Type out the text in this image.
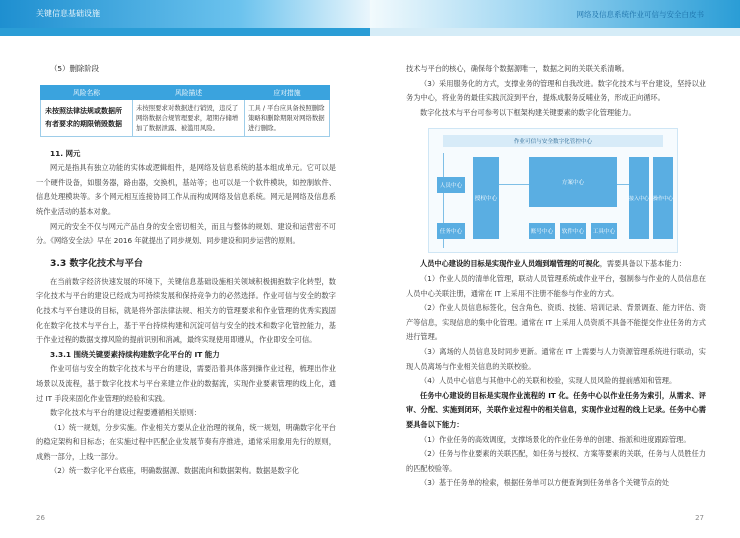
关键信息基础设施	网络及信息系统作业可信与安全白皮书
（5）删除阶段
风险名称	风险描述	应对措施
未按照法律法规或数据所有者要求的期限销毁数据	未按照要求对数据进行销毁，违反了网络数据合规管理要求，超期存储增加了数据泄露、被滥用风险。	工具 / 平台应具备按照删除策略和删除期限对网络数据进行删除。
11. 网元

网元是指具有独立功能的实体或逻辑组件，是网络及信息系统的基本组成单元。它可以是一个硬件设备，如服务器，路由器，交换机，基站等；也可以是一个软件模块，如控制软件、信息处理模块等。多个网元相互连接协同工作从而构成网络及信息系统。网元是网络及信息系统作业活动的基本对象。

网元的安全不仅与网元产品自身的安全密切相关，而且与整体的规划、建设和运营密不可分。《网络安全法》早在 2016 年就提出了同步规划、同步建设和同步运营的原则。

3.3 数字化技术与平台

在当前数字经济快速发展的环境下，关键信息基础设施相关领域积极拥抱数字化转型，数字化技术与平台的建设已经成为可持续发展和保持竞争力的必然选择。作业可信与安全的数字化技术与平台建设的目标，就是将外部法律法规、相关方的管理要求和作业管理的优秀实践固化在数字化技术与平台上，基于平台持续构建和沉淀可信与安全的技术和数字化管控能力，基于作业过程的数据支撑风险的提前识别和消减，最终实现使用即遵从，作业即安全可信。

3.3.1 围绕关键要素持续构建数字化平台的 IT 能力

作业可信与安全的数字化技术与平台的建设，需要沿着具体落到操作业过程，梳理出作业场景以及流程，基于数字化技术与平台来建立作业的数据流，实现作业要素管理的线上化，通过 IT 手段来固化作业管理的经验和实践。

数字化技术与平台的建设过程要遵循相关原则：

（1）统一规划，分步实施。作业相关方要从企业治理的视角，统一规划，明确数字化平台的稳定架构和目标态；在实施过程中匹配企业发展节奏有序推进，通常采用象用先行的原则，成熟一部分，上线一部分。

（2）统一数字化平台底座，明确数据源、数据流向和数据架构。数据是数字化

技术与平台的核心，确保每个数据源唯一，数据之间的关联关系清晰。

（3）采用服务化的方式，支撑业务的管理和自我改进。数字化技术与平台建设，坚持以业务为中心，将业务的最佳实践沉淀到平台，提炼成服务反哺业务，形成正向循环。

数字化技术与平台可参考以下框架构建关键要素的数字化管理能力。

作业可信与安全数字化管控中心
人员中心
授权中心
方案中心
接入中心 操作中心
任务中心	账号中心	软件中心	工具中心

人员中心建设的目标是实现作业人员端到端管理的可视化，需要具备以下基本能力：

（1）作业人员的清单化管理，联动人员管理系统或作业平台，强制参与作业的人员信息在人员中心关联注册，通常在 IT 上采用不注册不能参与作业的方式。

（2）作业人员信息标签化，包含角色、资质、技能、培训记录、背景调查、能力评估、资产等信息，实现信息的集中化管理。通常在 IT 上采用人员资质不具备不能提交作业任务的方式进行管理。

（3）离场的人员信息及时同步更新。通常在 IT 上需要与人力资源管理系统进行联动，实现人员离场与作业相关信息的关联校验。

（4）人员中心信息与其他中心的关联和校验，实现人员风险的提前感知和管理。

任务中心建设的目标是实现作业流程的 IT 化。任务中心以作业任务为索引，从需求、评审、分配、实施到闭环，关联作业过程中的相关信息，实现作业过程的线上记录。任务中心需要具备以下能力：

（1）作业任务的高效调度，支撑场景化的作业任务单的创建、指派和进度跟踪管理。

（2）任务与作业要素的关联匹配，如任务与授权、方案等要素的关联，任务与人员胜任力的匹配校验等。

（3）基于任务单的检索，根据任务单可以方便查询到任务单各个关键节点的处

26	27
